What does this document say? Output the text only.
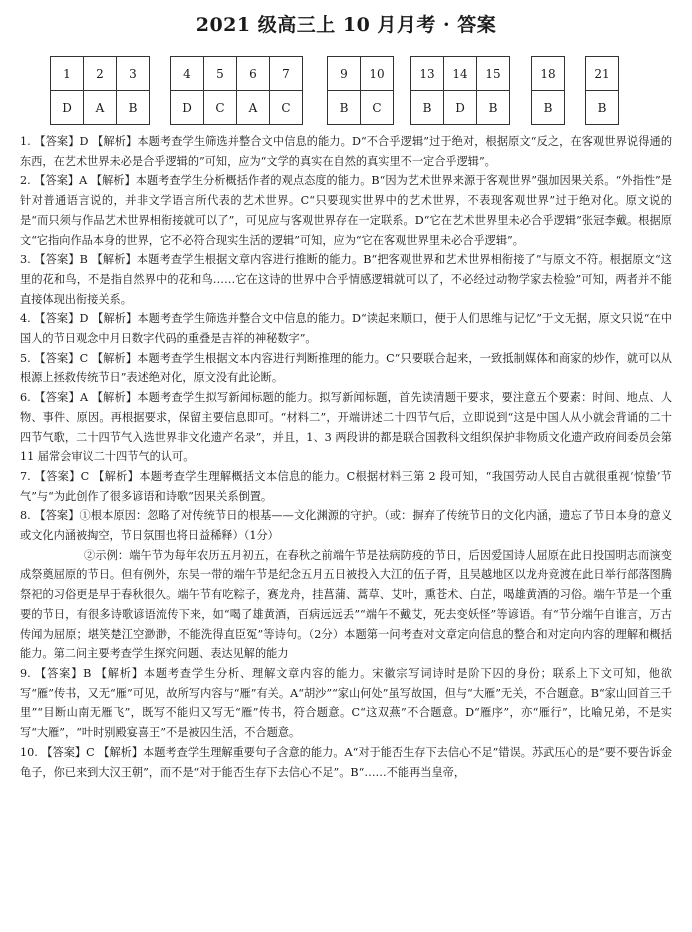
2021 级高三上 10 月月考 · 答案
1
D
2
A
3
B
4
D
5
C
6
A
7
C
9
B
10
C
13
B
14
D
15
B
18
B
21
B

1. 【答案】D 【解析】本题考查学生筛选并整合文中信息的能力。D“不合乎逻辑”过于绝对，根据原文“反之，在客观世界说得通的东西，在艺术世界未必是合乎逻辑的”可知，应为“文学的真实在自然的真实里不一定合乎逻辑”。

2. 【答案】A 【解析】本题考查学生分析概括作者的观点态度的能力。B“因为艺术世界来源于客观世界”强加因果关系。“外指性”是针对普通语言说的，并非文学语言所代表的艺术世界。C“只要现实世界中的艺术世界，不表现客观世界”过于绝对化。原文说的是“而只须与作品艺术世界相衔接就可以了”，可见应与客观世界存在一定联系。D“它在艺术世界里未必合乎逻辑”张冠李戴。根据原文“它指向作品本身的世界，它不必符合现实生活的逻辑”可知，应为“它在客观世界里未必合乎逻辑”。

3. 【答案】B 【解析】本题考查学生根据文章内容进行推断的能力。B“把客观世界和艺术世界相衔接了”与原文不符。根据原文“这里的花和鸟，不是指自然界中的花和鸟……它在这诗的世界中合乎情感逻辑就可以了，不必经过动物学家去检验”可知，两者并不能直接体现出衔接关系。

4. 【答案】D 【解析】本题考查学生筛选并整合文中信息的能力。D“读起来顺口，便于人们思维与记忆”于文无据，原文只说“在中国人的节日观念中月日数字代码的重叠是吉祥的神秘数字”。

5. 【答案】C 【解析】本题考查学生根据文本内容进行判断推理的能力。C“只要联合起来，一致抵制媒体和商家的炒作，就可以从根源上拯救传统节日”表述绝对化，原文没有此论断。

6. 【答案】A 【解析】本题考查学生拟写新闻标题的能力。拟写新闻标题，首先读清题干要求，要注意五个要素：时间、地点、人物、事件、原因。再根据要求，保留主要信息即可。“材料二”，开端讲述二十四节气后，立即说到“这是中国人从小就会背诵的二十四节气歌，二十四节气入选世界非文化遗产名录”，并且，1、3 两段讲的都是联合国教科文组织保护非物质文化遗产政府间委员会第 11 届常会审议二十四节气的认可。

7. 【答案】C 【解析】本题考查学生理解概括文本信息的能力。C根据材料三第 2 段可知，“我国劳动人民自古就很重视‘惊蛰’节气”与“为此创作了很多谚语和诗歌”因果关系倒置。

8. 【答案】①根本原因：忽略了对传统节日的根基——文化渊源的守护。（或：摒弃了传统节日的文化内涵，遗忘了节日本身的意义或文化内涵被掏空，节日氛围也将日益稀释）（1分）

②示例：端午节为每年农历五月初五，在春秋之前端午节是祛病防疫的节日，后因爱国诗人屈原在此日投国明志而演变成祭奠屈原的节日。但有例外，东吴一带的端午节是纪念五月五日被投入大江的伍子胥，且吴越地区以龙舟竞渡在此日举行部落图腾祭祀的习俗更是早于春秋很久。端午节有吃粽子，赛龙舟，挂菖蒲、蒿草、艾叶，熏苍术、白芷，喝雄黄酒的习俗。端午节是一个重要的节日，有很多诗歌谚语流传下来，如“喝了雄黄酒，百病远远丢”“端午不戴艾，死去变妖怪”等谚语。有“节分端午自谁言，万古传闻为屈原；堪笑楚江空渺渺，不能洗得直臣冤”等诗句。（2分）本题第一问考查对文章定向信息的整合和对定向内容的理解和概括能力。第二问主要考查学生探究问题、表达见解的能力

9. 【答案】B 【解析】本题考查学生分析、理解文章内容的能力。宋徽宗写词诗时是阶下囚的身份；联系上下文可知，他欲写“雁”传书，又无“雁”可见，故所写内容与“雁”有关。A“胡沙”“家山何处”虽写故国，但与“大雁”无关，不合题意。B“家山回首三千里”“目断山南无雁飞”，既写不能归又写无“雁”传书，符合题意。C“这双燕”不合题意。D“雁序”，亦“雁行”，比喻兄弟，不是实写“大雁”，“叶时别殿宴喜王”不是被囚生活，不合题意。

10. 【答案】C 【解析】本题考查学生理解重要句子含意的能力。A“对于能否生存下去信心不足”错误。苏武压心的是“要不要告诉金龟子，你已来到大汉王朝”，而不是“对于能否生存下去信心不足”。B“……不能再当皇帝，
